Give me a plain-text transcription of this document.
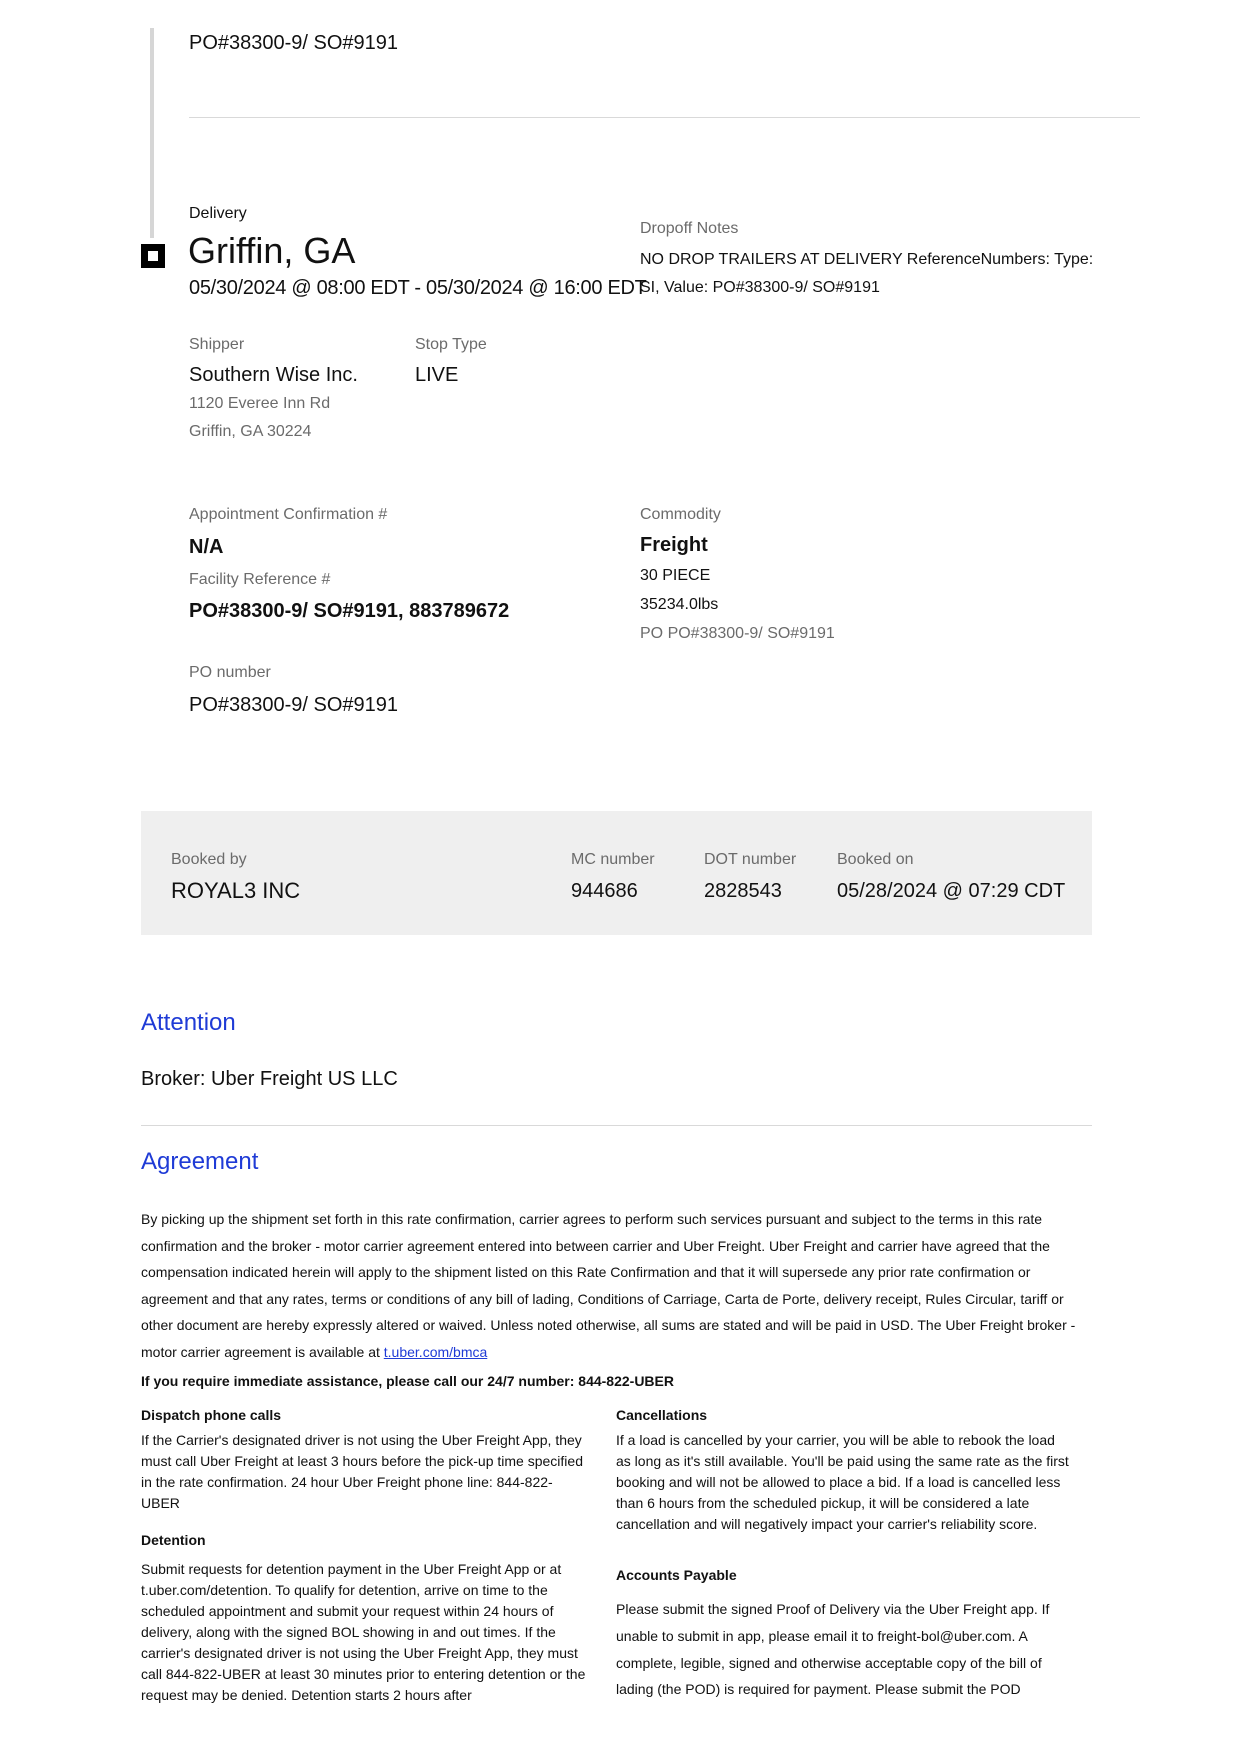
PO#38300-9/ SO#9191
Delivery
Griffin, GA
05/30/2024 @ 08:00 EDT - 05/30/2024 @ 16:00 EDT
Dropoff Notes
NO DROP TRAILERS AT DELIVERY ReferenceNumbers: Type: SI, Value: PO#38300-9/ SO#9191
Shipper
Southern Wise Inc.
1120 Everee Inn Rd
Griffin, GA 30224
Stop Type
LIVE
Appointment Confirmation #
N/A
Facility Reference #
PO#38300-9/ SO#9191, 883789672
PO number
PO#38300-9/ SO#9191
Commodity
Freight
30 PIECE
35234.0lbs
PO PO#38300-9/ SO#9191
Booked by
ROYAL3 INC
MC number
944686
DOT number
2828543
Booked on
05/28/2024 @ 07:29 CDT
Attention
Broker: Uber Freight US LLC
Agreement
By picking up the shipment set forth in this rate confirmation, carrier agrees to perform such services pursuant and subject to the terms in this rate confirmation and the broker - motor carrier agreement entered into between carrier and Uber Freight. Uber Freight and carrier have agreed that the compensation indicated herein will apply to the shipment listed on this Rate Confirmation and that it will supersede any prior rate confirmation or agreement and that any rates, terms or conditions of any bill of lading, Conditions of Carriage, Carta de Porte, delivery receipt, Rules Circular, tariff or other document are hereby expressly altered or waived. Unless noted otherwise, all sums are stated and will be paid in USD. The Uber Freight broker - motor carrier agreement is available at t.uber.com/bmca
If you require immediate assistance, please call our 24/7 number: 844-822-UBER
Dispatch phone calls
If the Carrier's designated driver is not using the Uber Freight App, they must call Uber Freight at least 3 hours before the pick-up time specified in the rate confirmation. 24 hour Uber Freight phone line: 844-822-UBER
Detention
Submit requests for detention payment in the Uber Freight App or at t.uber.com/detention. To qualify for detention, arrive on time to the scheduled appointment and submit your request within 24 hours of delivery, along with the signed BOL showing in and out times. If the carrier's designated driver is not using the Uber Freight App, they must call 844-822-UBER at least 30 minutes prior to entering detention or the request may be denied. Detention starts 2 hours after
Cancellations
If a load is cancelled by your carrier, you will be able to rebook the load as long as it's still available. You'll be paid using the same rate as the first booking and will not be allowed to place a bid. If a load is cancelled less than 6 hours from the scheduled pickup, it will be considered a late cancellation and will negatively impact your carrier's reliability score.
Accounts Payable
Please submit the signed Proof of Delivery via the Uber Freight app. If unable to submit in app, please email it to freight-bol@uber.com. A complete, legible, signed and otherwise acceptable copy of the bill of lading (the POD) is required for payment. Please submit the POD
